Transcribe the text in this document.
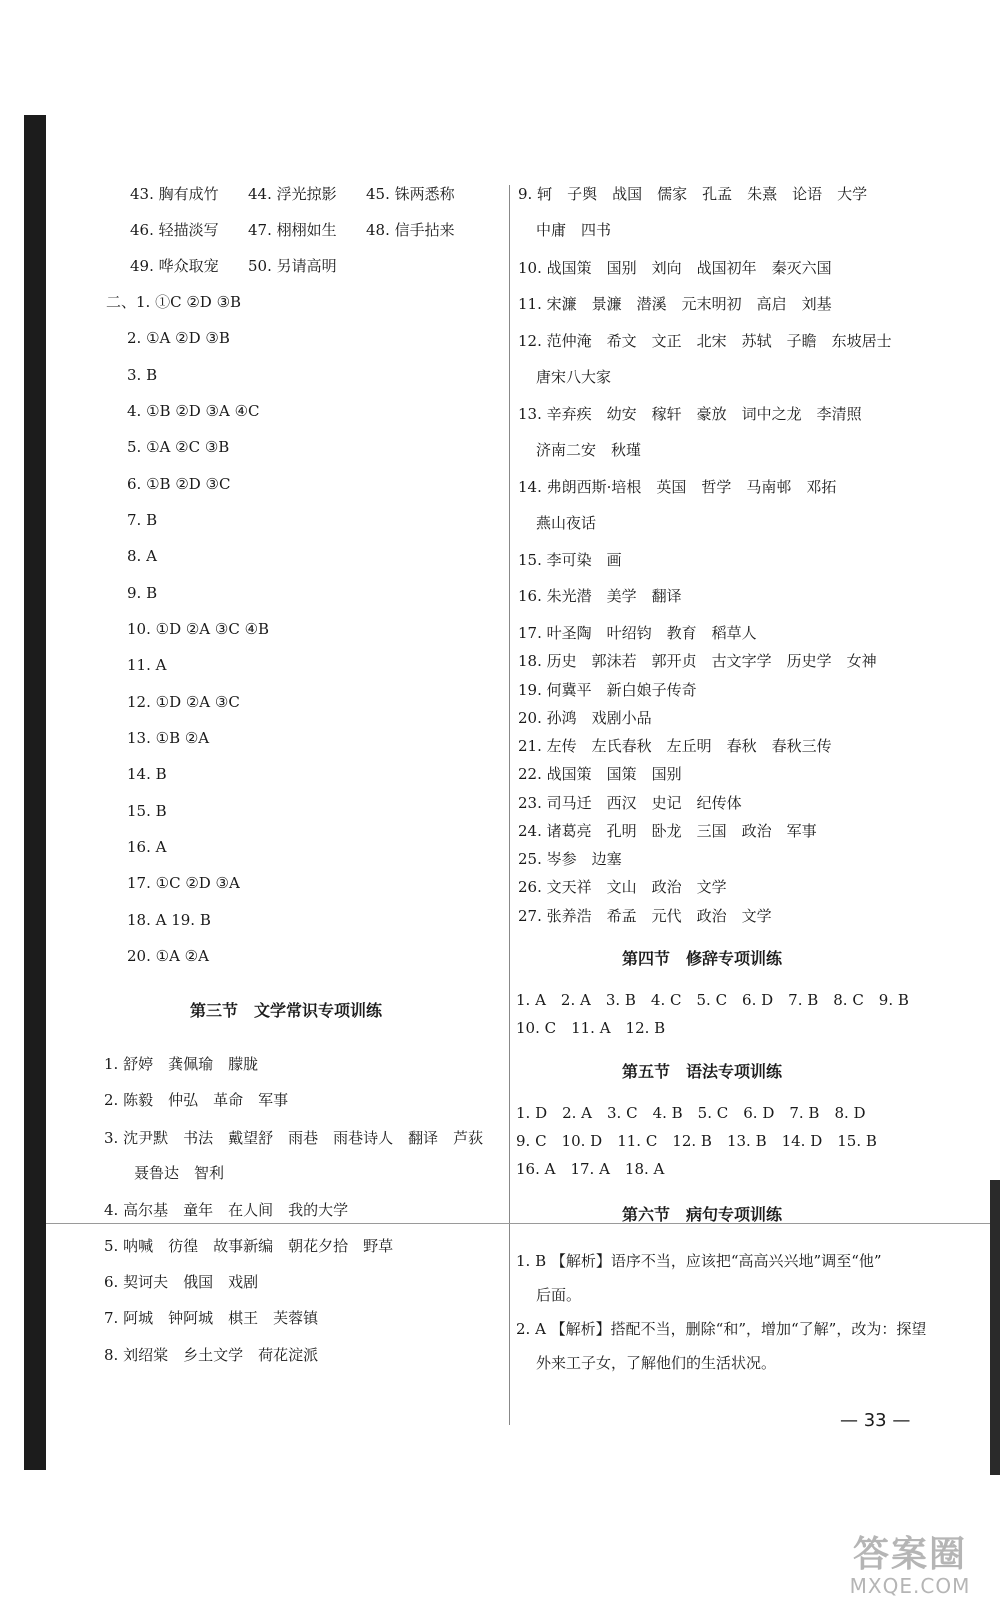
43. 胸有成竹 44. 浮光掠影 45. 铢两悉称
46. 轻描淡写 47. 栩栩如生 48. 信手拈来
49. 哗众取宠 50. 另请高明
二、1. ①C ②D ③B
2. ①A ②D ③B
3. B
4. ①B ②D ③A ④C
5. ①A ②C ③B
6. ①B ②D ③C
7. B
8. A
9. B
10. ①D ②A ③C ④B
11. A
12. ①D ②A ③C
13. ①B ②A
14. B
15. B
16. A
17. ①C ②D ③A
18. A 19. B
20. ①A ②A
第三节　文学常识专项训练
1. 舒婷　龚佩瑜　朦胧
2. 陈毅　仲弘　革命　军事
3. 沈尹默　书法　戴望舒　雨巷　雨巷诗人　翻译　芦荻
聂鲁达　智利
4. 高尔基　童年　在人间　我的大学
5. 呐喊　彷徨　故事新编　朝花夕拾　野草
6. 契诃夫　俄国　戏剧
7. 阿城　钟阿城　棋王　芙蓉镇
8. 刘绍棠　乡土文学　荷花淀派
9. 轲　子舆　战国　儒家　孔孟　朱熹　论语　大学
中庸　四书
10. 战国策　国别　刘向　战国初年　秦灭六国
11. 宋濂　景濂　潜溪　元末明初　高启　刘基
12. 范仲淹　希文　文正　北宋　苏轼　子瞻　东坡居士
唐宋八大家
13. 辛弃疾　幼安　稼轩　豪放　词中之龙　李清照
济南二安　秋瑾
14. 弗朗西斯·培根　英国　哲学　马南邨　邓拓
燕山夜话
15. 李可染　画
16. 朱光潜　美学　翻译
17. 叶圣陶　叶绍钧　教育　稻草人
18. 历史　郭沫若　郭开贞　古文字学　历史学　女神
19. 何冀平　新白娘子传奇
20. 孙鸿　戏剧小品
21. 左传　左氏春秋　左丘明　春秋　春秋三传
22. 战国策　国策　国别
23. 司马迁　西汉　史记　纪传体
24. 诸葛亮　孔明　卧龙　三国　政治　军事
25. 岑参　边塞
26. 文天祥　文山　政治　文学
27. 张养浩　希孟　元代　政治　文学
第四节　修辞专项训练
1. A　2. A　3. B　4. C　5. C　6. D　7. B　8. C　9. B
10. C　11. A　12. B
第五节　语法专项训练
1. D　2. A　3. C　4. B　5. C　6. D　7. B　8. D
9. C　10. D　11. C　12. B　13. B　14. D　15. B
16. A　17. A　18. A
第六节　病句专项训练
1. B 【解析】语序不当，应该把“高高兴兴地”调至“他”
后面。
2. A 【解析】搭配不当，删除“和”，增加“了解”，改为：探望
外来工子女，了解他们的生活状况。
— 33 —
答案圈
MXQE.COM
